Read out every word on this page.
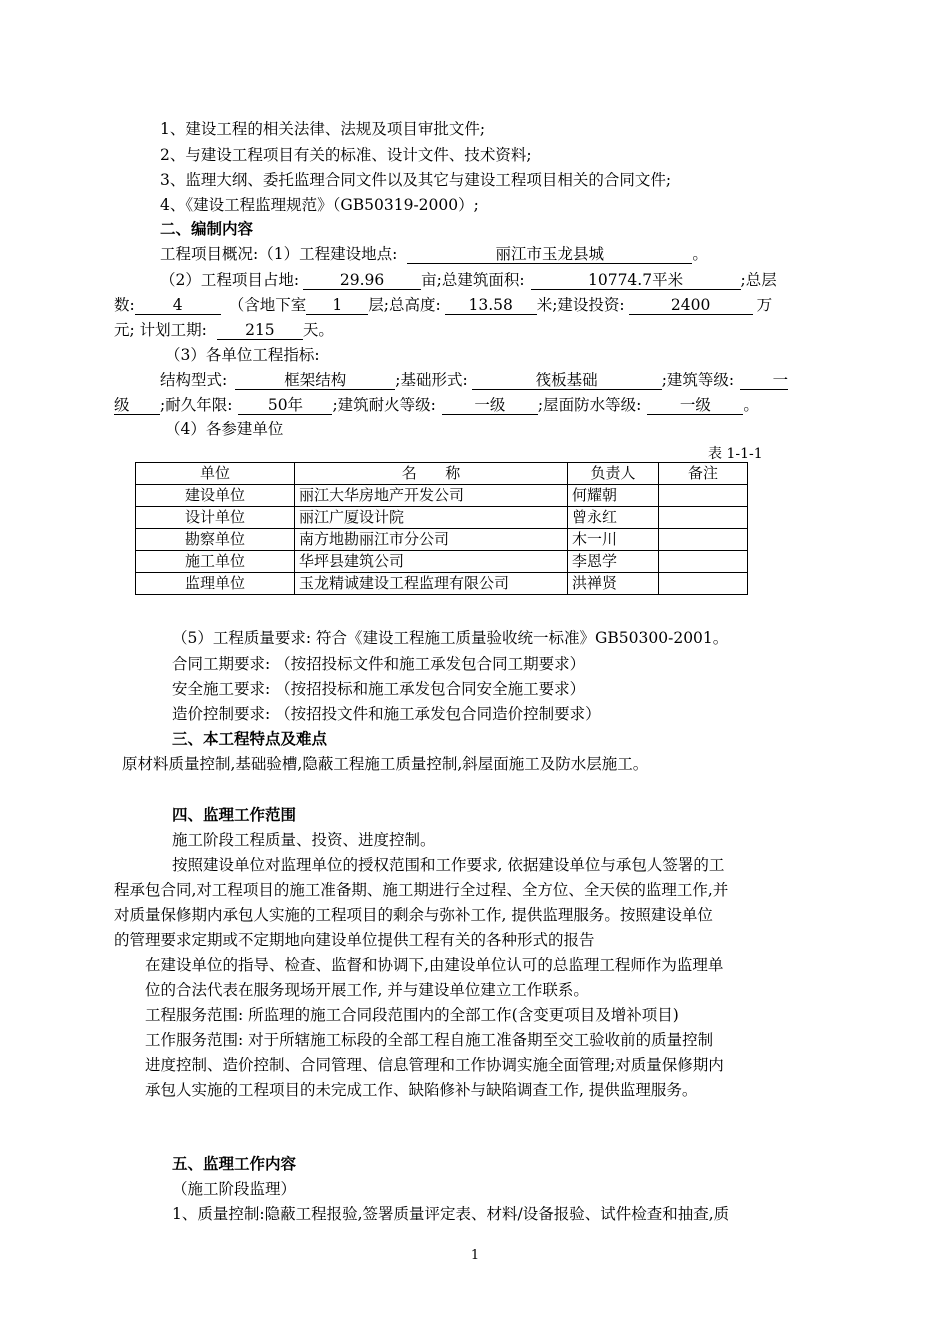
1、建设工程的相关法律、法规及项目审批文件;
2、与建设工程项目有关的标准、设计文件、技术资料;
3、监理大纲、委托监理合同文件以及其它与建设工程项目相关的合同文件;
4、《建设工程监理规范》（GB50319-2000）;
二、编制内容
工程项目概况:（1）工程建设地点:	丽江市玉龙县城	。
（2）工程项目占地:	29.96 亩;总建筑面积:	10774.7平米	;总层
数: 4	（含地下室 1 层;总高度: 13.58 米;建设投资:	2400	万
元; 计划工期: 215 天。
（3）各单位工程指标:
结构型式:	框架结构	;基础形式:	筏板基础	;建筑等级: 一
级 ;耐久年限: 50年 ;建筑耐火等级: 一级 ;屋面防水等级: 一级 。
（4）各参建单位
表 1-1-1
单位	名      称	负责人	备注
建设单位	丽江大华房地产开发公司	何耀朝	
设计单位	丽江广厦设计院	曾永红	
勘察单位	南方地勘丽江市分公司	木一川	
施工单位	华坪县建筑公司	李恩学	
监理单位	玉龙精诚建设工程监理有限公司	洪禅贤	
（5）工程质量要求: 符合《建设工程施工质量验收统一标准》GB50300-2001。
合同工期要求: （按招投标文件和施工承发包合同工期要求）
安全施工要求: （按招投标和施工承发包合同安全施工要求）
造价控制要求: （按招投文件和施工承发包合同造价控制要求）
三、本工程特点及难点
原材料质量控制,基础验槽,隐蔽工程施工质量控制,斜屋面施工及防水层施工。
四、监理工作范围
施工阶段工程质量、投资、进度控制。
按照建设单位对监理单位的授权范围和工作要求, 依据建设单位与承包人签署的工
程承包合同,对工程项目的施工准备期、施工期进行全过程、全方位、全天侯的监理工作,并
对质量保修期内承包人实施的工程项目的剩余与弥补工作, 提供监理服务。按照建设单位
的管理要求定期或不定期地向建设单位提供工程有关的各种形式的报告
在建设单位的指导、检查、监督和协调下,由建设单位认可的总监理工程师作为监理单
位的合法代表在服务现场开展工作, 并与建设单位建立工作联系。
工程服务范围: 所监理的施工合同段范围内的全部工作(含变更项目及增补项目)
工作服务范围: 对于所辖施工标段的全部工程自施工准备期至交工验收前的质量控制
进度控制、造价控制、合同管理、信息管理和工作协调实施全面管理;对质量保修期内
承包人实施的工程项目的未完成工作、缺陷修补与缺陷调查工作, 提供监理服务。
五、监理工作内容
（施工阶段监理）
1、质量控制:隐蔽工程报验,签署质量评定表、材料/设备报验、试件检查和抽查,质
1
